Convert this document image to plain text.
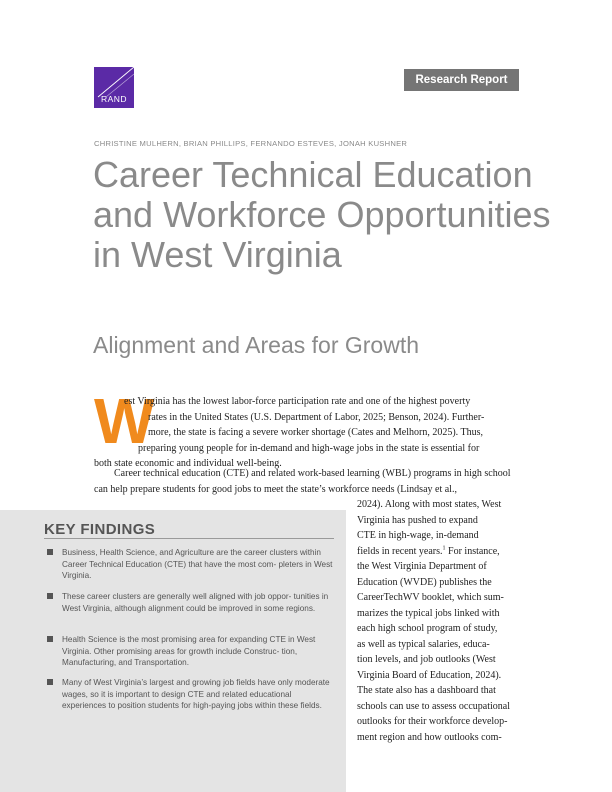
RAND
Research Report
CHRISTINE MULHERN, BRIAN PHILLIPS, FERNANDO ESTEVES, JONAH KUSHNER
Career Technical Education and Workforce Opportunities in West Virginia
Alignment and Areas for Growth
W
est Virginia has the lowest labor-force participation rate and one of the highest poverty
rates in the United States (U.S. Department of Labor, 2025; Benson, 2024). Further-
more, the state is facing a severe worker shortage (Cates and Melhorn, 2025). Thus,
preparing young people for in-demand and high-wage jobs in the state is essential for
both state economic and individual well-being.

Career technical education (CTE) and related work-based learning (WBL) programs in high school can help prepare students for good jobs to meet the state’s workforce needs (Lindsay et al.,

2024). Along with most states, West
Virginia has pushed to expand
CTE in high-wage, in-demand
fields in recent years.$^1$ For instance,
the West Virginia Department of
Education (WVDE) publishes the
CareerTechWV booklet, which sum-
marizes the typical jobs linked with
each high school program of study,
as well as typical salaries, educa-
tion levels, and job outlooks (West
Virginia Board of Education, 2024).
The state also has a dashboard that
schools can use to assess occupational
outlooks for their workforce develop-
ment region and how outlooks com-
KEY FINDINGS
Business, Health Science, and Agriculture are the career clusters within Career Technical Education (CTE) that have the most com- pleters in West Virginia.
These career clusters are generally well aligned with job oppor- tunities in West Virginia, although alignment could be improved in some regions.
Health Science is the most promising area for expanding CTE in West Virginia. Other promising areas for growth include Construc- tion, Manufacturing, and Transportation.
Many of West Virginia’s largest and growing job fields have only moderate wages, so it is important to design CTE and related educational experiences to position students for high-paying jobs within these fields.
